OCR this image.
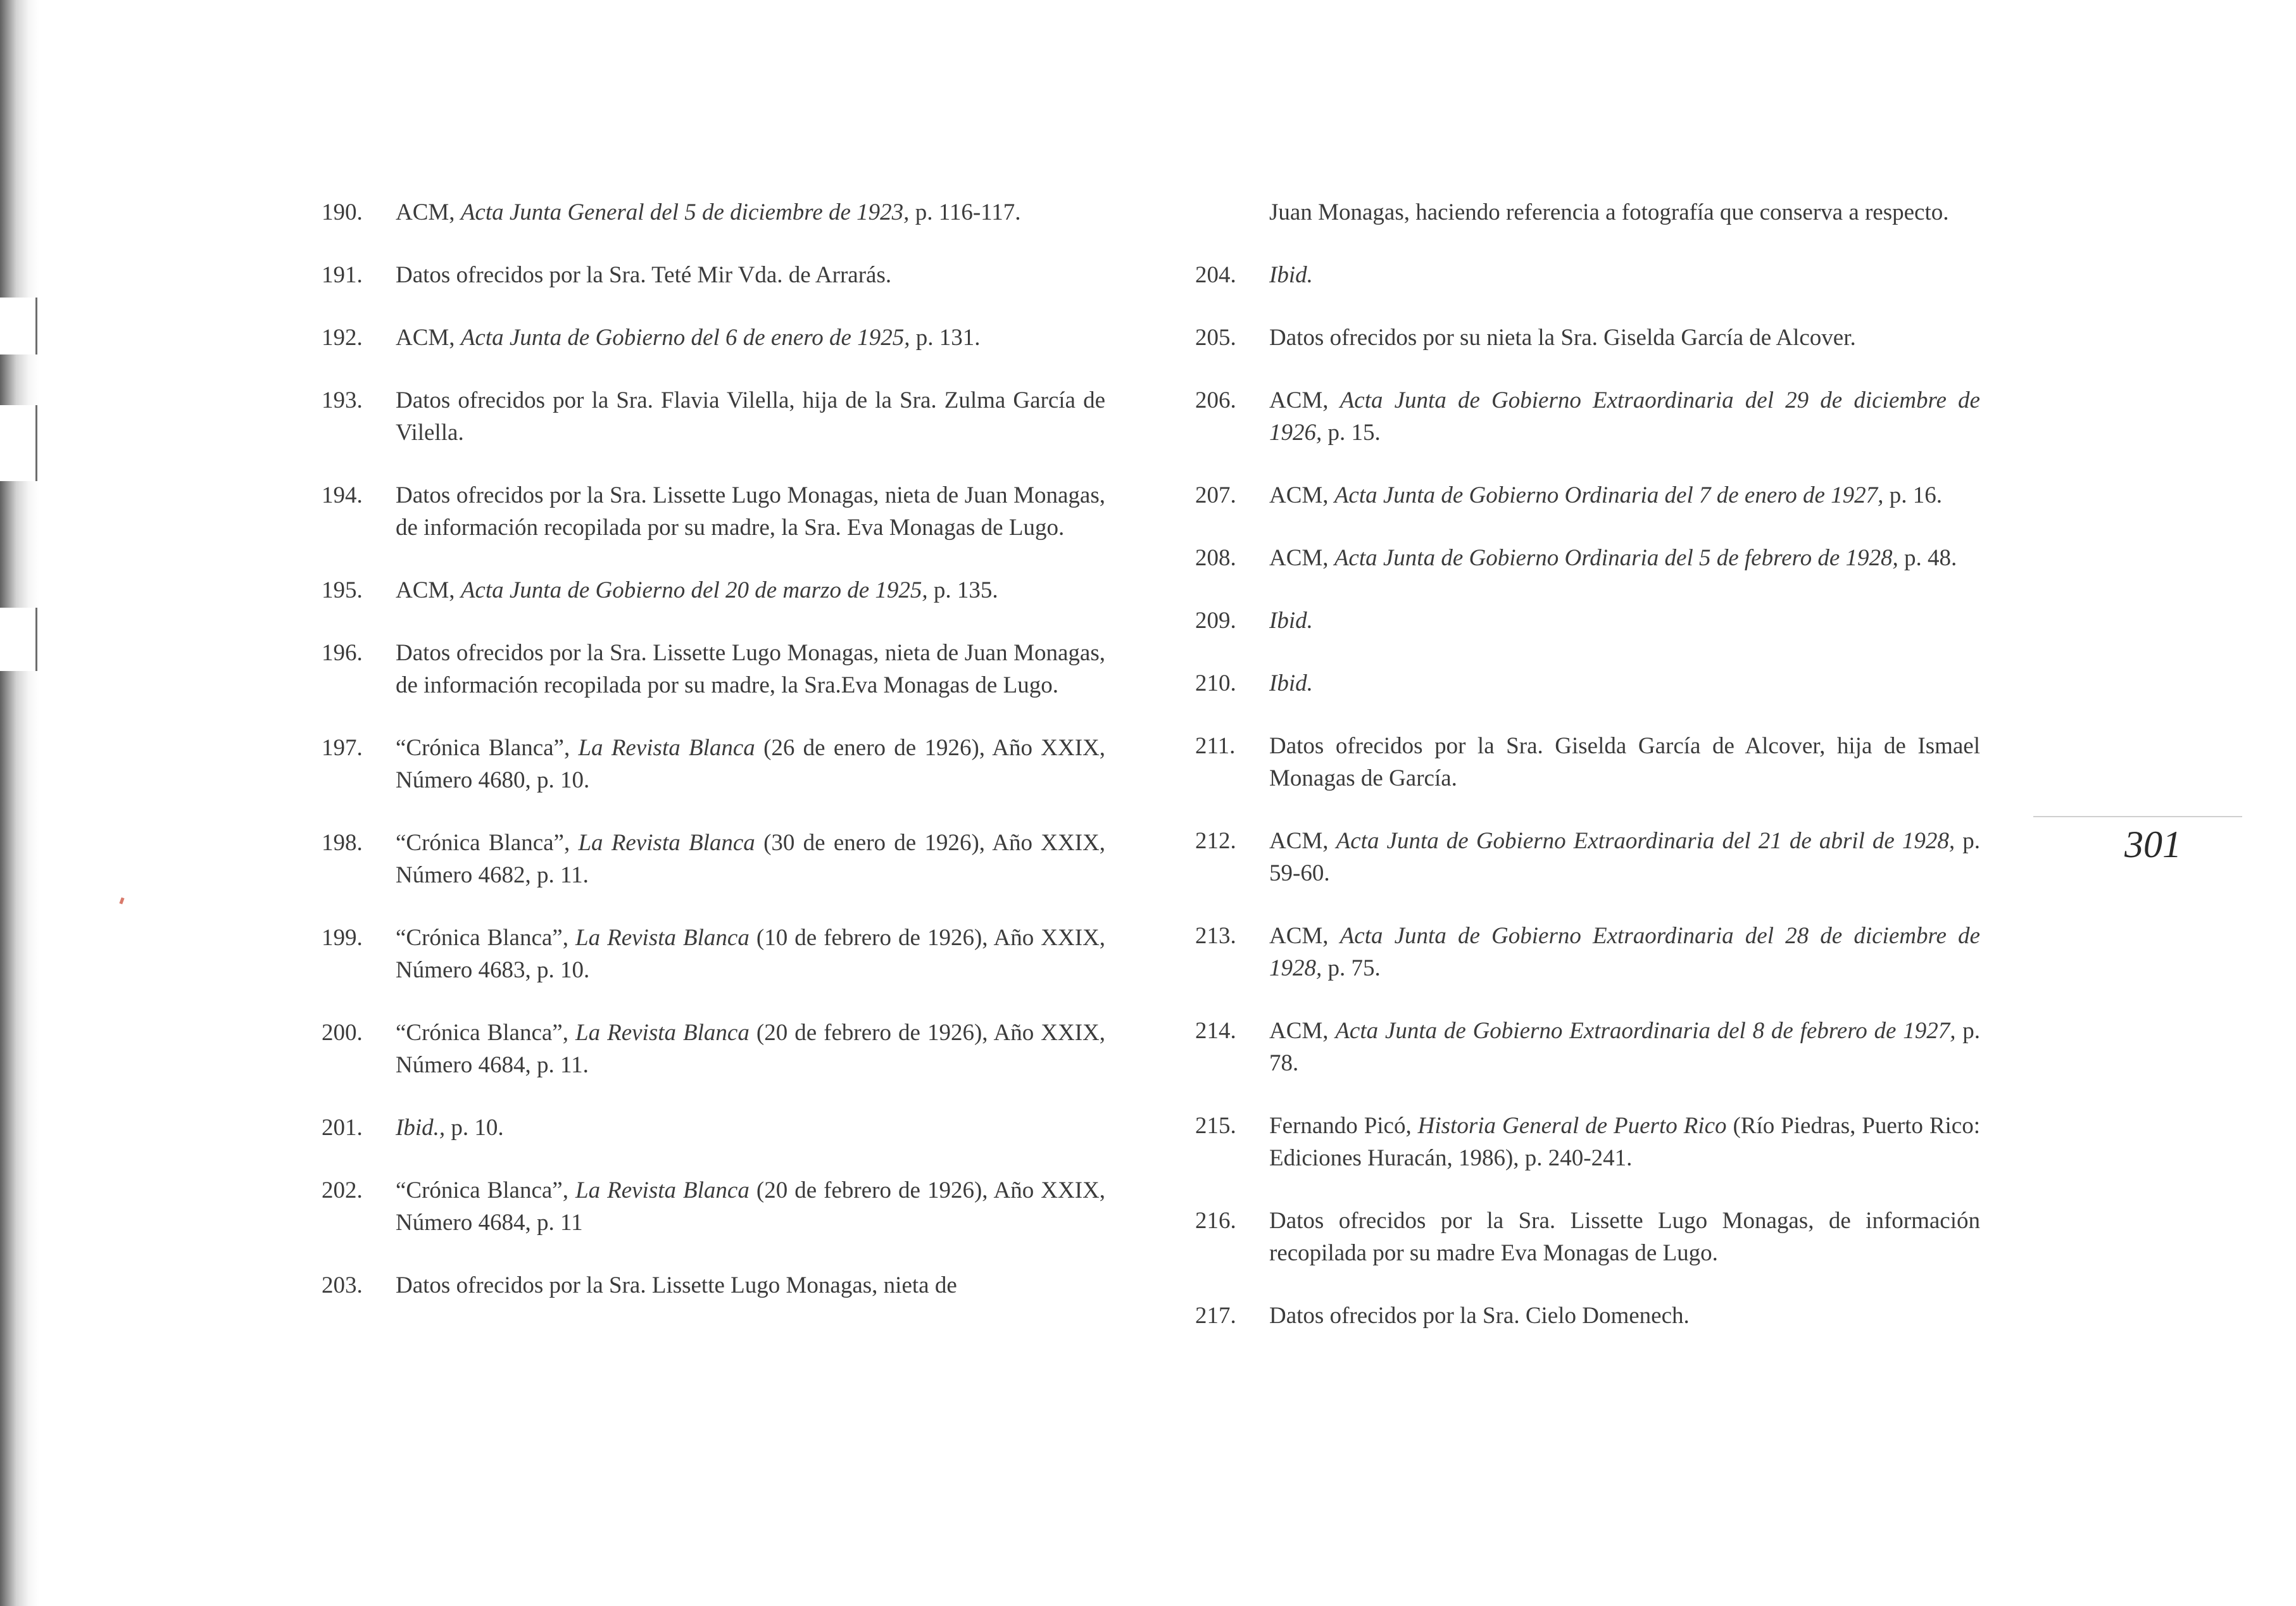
190.	ACM, Acta Junta General del 5 de diciembre de 1923, p. 116-117.
191.	Datos ofrecidos por la Sra. Teté Mir Vda. de Arrarás.
192.	ACM, Acta Junta de Gobierno del 6 de enero de 1925, p. 131.
193.	Datos ofrecidos por la Sra. Flavia Vilella, hija de la Sra. Zulma García de Vilella.
194.	Datos ofrecidos por la Sra. Lissette Lugo Monagas, nieta de Juan Monagas, de información recopilada por su madre, la Sra. Eva Monagas de Lugo.
195.	ACM, Acta Junta de Gobierno del 20 de marzo de 1925, p. 135.
196.	Datos ofrecidos por la Sra. Lissette Lugo Monagas, nieta de Juan Monagas, de información recopilada por su madre, la Sra.Eva Monagas de Lugo.
197.	“Crónica Blanca”, La Revista Blanca (26 de enero de 1926), Año XXIX, Número 4680, p. 10.
198.	“Crónica Blanca”, La Revista Blanca (30 de enero de 1926), Año XXIX, Número 4682, p. 11.
199.	“Crónica Blanca”, La Revista Blanca (10 de febrero de 1926), Año XXIX, Número 4683, p. 10.
200.	“Crónica Blanca”, La Revista Blanca (20 de febrero de 1926), Año XXIX, Número 4684, p. 11.
201.	Ibid., p. 10.
202.	“Crónica Blanca”, La Revista Blanca (20 de febrero de 1926), Año XXIX, Número 4684, p. 11
203.	Datos ofrecidos por la Sra. Lissette Lugo Monagas, nieta de
Juan Monagas, haciendo referencia a fotografía que conserva a respecto.
204.	Ibid.
205.	Datos ofrecidos por su nieta la Sra. Giselda García de Alcover.
206.	ACM, Acta Junta de Gobierno Extraordinaria del 29 de diciembre de 1926, p. 15.
207.	ACM, Acta Junta de Gobierno Ordinaria del 7 de enero de 1927, p. 16.
208.	ACM, Acta Junta de Gobierno Ordinaria del 5 de febrero de 1928, p. 48.
209.	Ibid.
210.	Ibid.
211.	Datos ofrecidos por la Sra. Giselda García de Alcover, hija de Ismael Monagas de García.
212.	ACM, Acta Junta de Gobierno Extraordinaria del 21 de abril de 1928, p. 59-60.
213.	ACM, Acta Junta de Gobierno Extraordinaria del 28 de diciembre de 1928, p. 75.
214.	ACM, Acta Junta de Gobierno Extraordinaria del 8 de febrero de 1927, p. 78.
215.	Fernando Picó, Historia General de Puerto Rico (Río Piedras, Puerto Rico: Ediciones Huracán, 1986), p. 240-241.
216.	Datos ofrecidos por la Sra. Lissette Lugo Monagas, de información recopilada por su madre Eva Monagas de Lugo.
217.	Datos ofrecidos por la Sra. Cielo Domenech.
301
